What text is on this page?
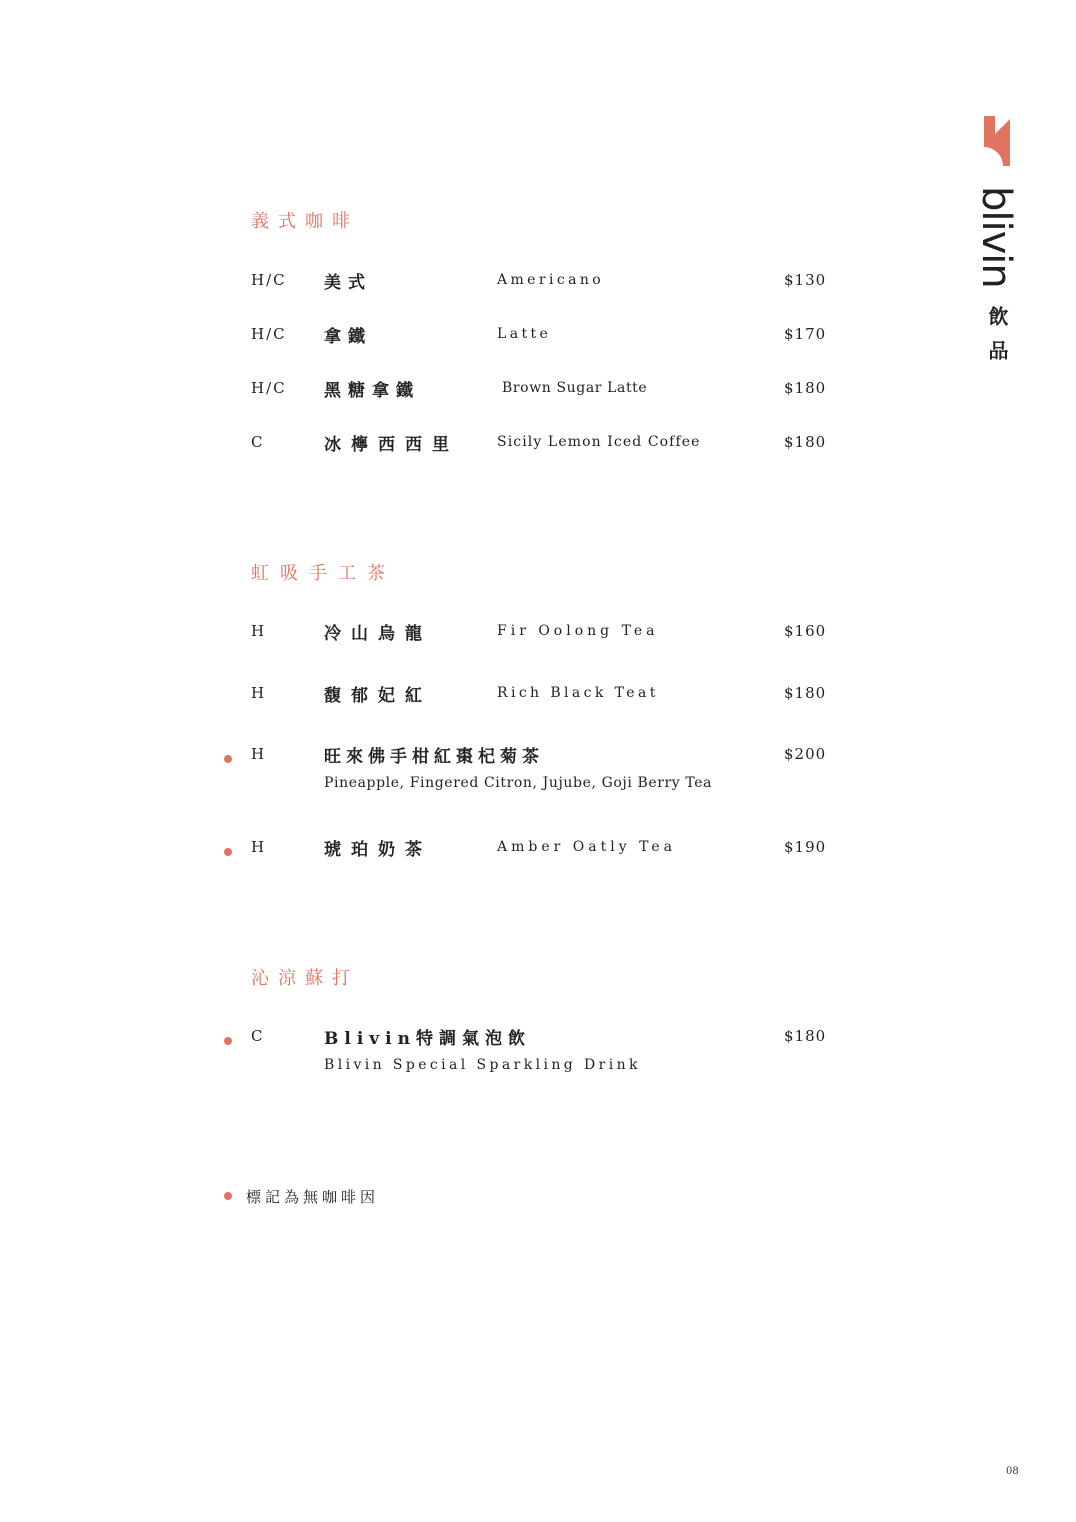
blivin
飲品
義式咖啡
H/C 美式	Americano	$130
H/C 拿鐵	Latte	$170
H/C 黑糖拿鐵	Brown Sugar Latte	$180
C	冰檸西西里	Sicily Lemon Iced Coffee	$180
虹吸手工茶
H	冷山烏龍	Fir Oolong Tea	$160
H	馥郁妃紅	Rich Black Teat	$180
H	旺來佛手柑紅棗杞菊茶	$200
Pineapple, Fingered Citron, Jujube, Goji Berry Tea
H	琥珀奶茶	Amber Oatly Tea	$190
沁涼蘇打
C	Blivin特調氣泡飲	$180
Blivin Special Sparkling Drink
標記為無咖啡因
08
